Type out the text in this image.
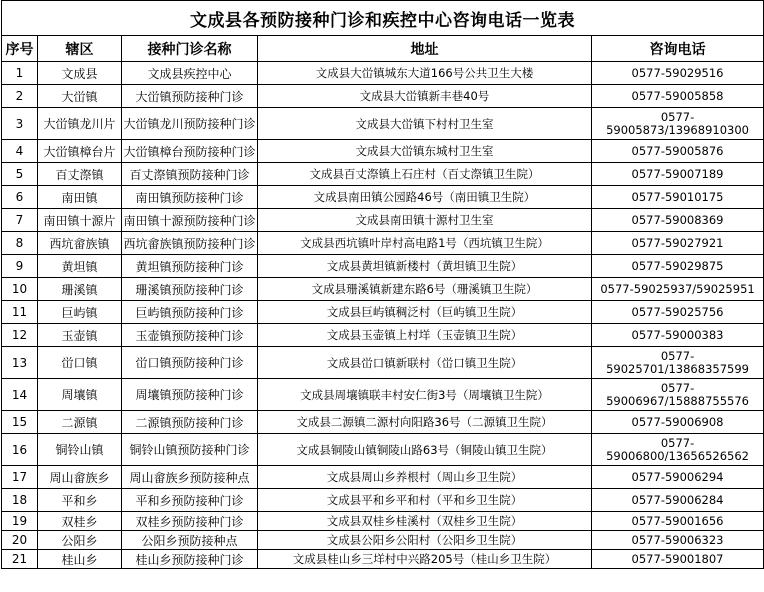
文成县各预防接种门诊和疾控中心咨询电话一览表				
序号	辖区	接种门诊名称	地址	咨询电话
1	文成县	文成县疾控中心	文成县大峃镇城东大道166号公共卫生大楼	0577-59029516
2	大峃镇	大峃镇预防接种门诊	文成县大峃镇新丰巷40号	0577-59005858
3	大峃镇龙川片	大峃镇龙川预防接种门诊	文成县大峃镇下村村卫生室	0577-59005873/13968910300
4	大峃镇樟台片	大峃镇樟台预防接种门诊	文成县大峃镇东城村卫生室	0577-59005876
5	百丈漈镇	百丈漈镇预防接种门诊	文成县百丈漈镇上石庄村（百丈漈镇卫生院）	0577-59007189
6	南田镇	南田镇预防接种门诊	文成县南田镇公园路46号（南田镇卫生院）	0577-59010175
7	南田镇十源片	南田镇十源预防接种门诊	文成县南田镇十源村卫生室	0577-59008369
8	西坑畲族镇	西坑畲族镇预防接种门诊	文成县西坑镇叶岸村高电路1号（西坑镇卫生院）	0577-59027921
9	黄坦镇	黄坦镇预防接种门诊	文成县黄坦镇新楼村（黄坦镇卫生院）	0577-59029875
10	珊溪镇	珊溪镇预防接种门诊	文成县珊溪镇新建东路6号（珊溪镇卫生院）	0577-59025937/59025951
11	巨屿镇	巨屿镇预防接种门诊	文成县巨屿镇稠泛村（巨屿镇卫生院）	0577-59025756
12	玉壶镇	玉壶镇预防接种门诊	文成县玉壶镇上村垟（玉壶镇卫生院）	0577-59000383
13	峃口镇	峃口镇预防接种门诊	文成县峃口镇新联村（峃口镇卫生院）	0577-59025701/13868357599
14	周壤镇	周壤镇预防接种门诊	文成县周壤镇联丰村安仁街3号（周壤镇卫生院）	0577-59006967/15888755576
15	二源镇	二源镇预防接种门诊	文成县二源镇二源村向阳路36号（二源镇卫生院）	0577-59006908
16	铜铃山镇	铜铃山镇预防接种门诊	文成县铜陵山镇铜陵山路63号（铜陵山镇卫生院）	0577-59006800/13656526562
17	周山畲族乡	周山畲族乡预防接种点	文成县周山乡养根村（周山乡卫生院）	0577-59006294
18	平和乡	平和乡预防接种门诊	文成县平和乡平和村（平和乡卫生院）	0577-59006284
19	双桂乡	双桂乡预防接种门诊	文成县双桂乡桂溪村（双桂乡卫生院）	0577-59001656
20	公阳乡	公阳乡预防接种点	文成县公阳乡公阳村（公阳乡卫生院）	0577-59006323
21	桂山乡	桂山乡预防接种门诊	文成县桂山乡三垟村中兴路205号（桂山乡卫生院）	0577-59001807
